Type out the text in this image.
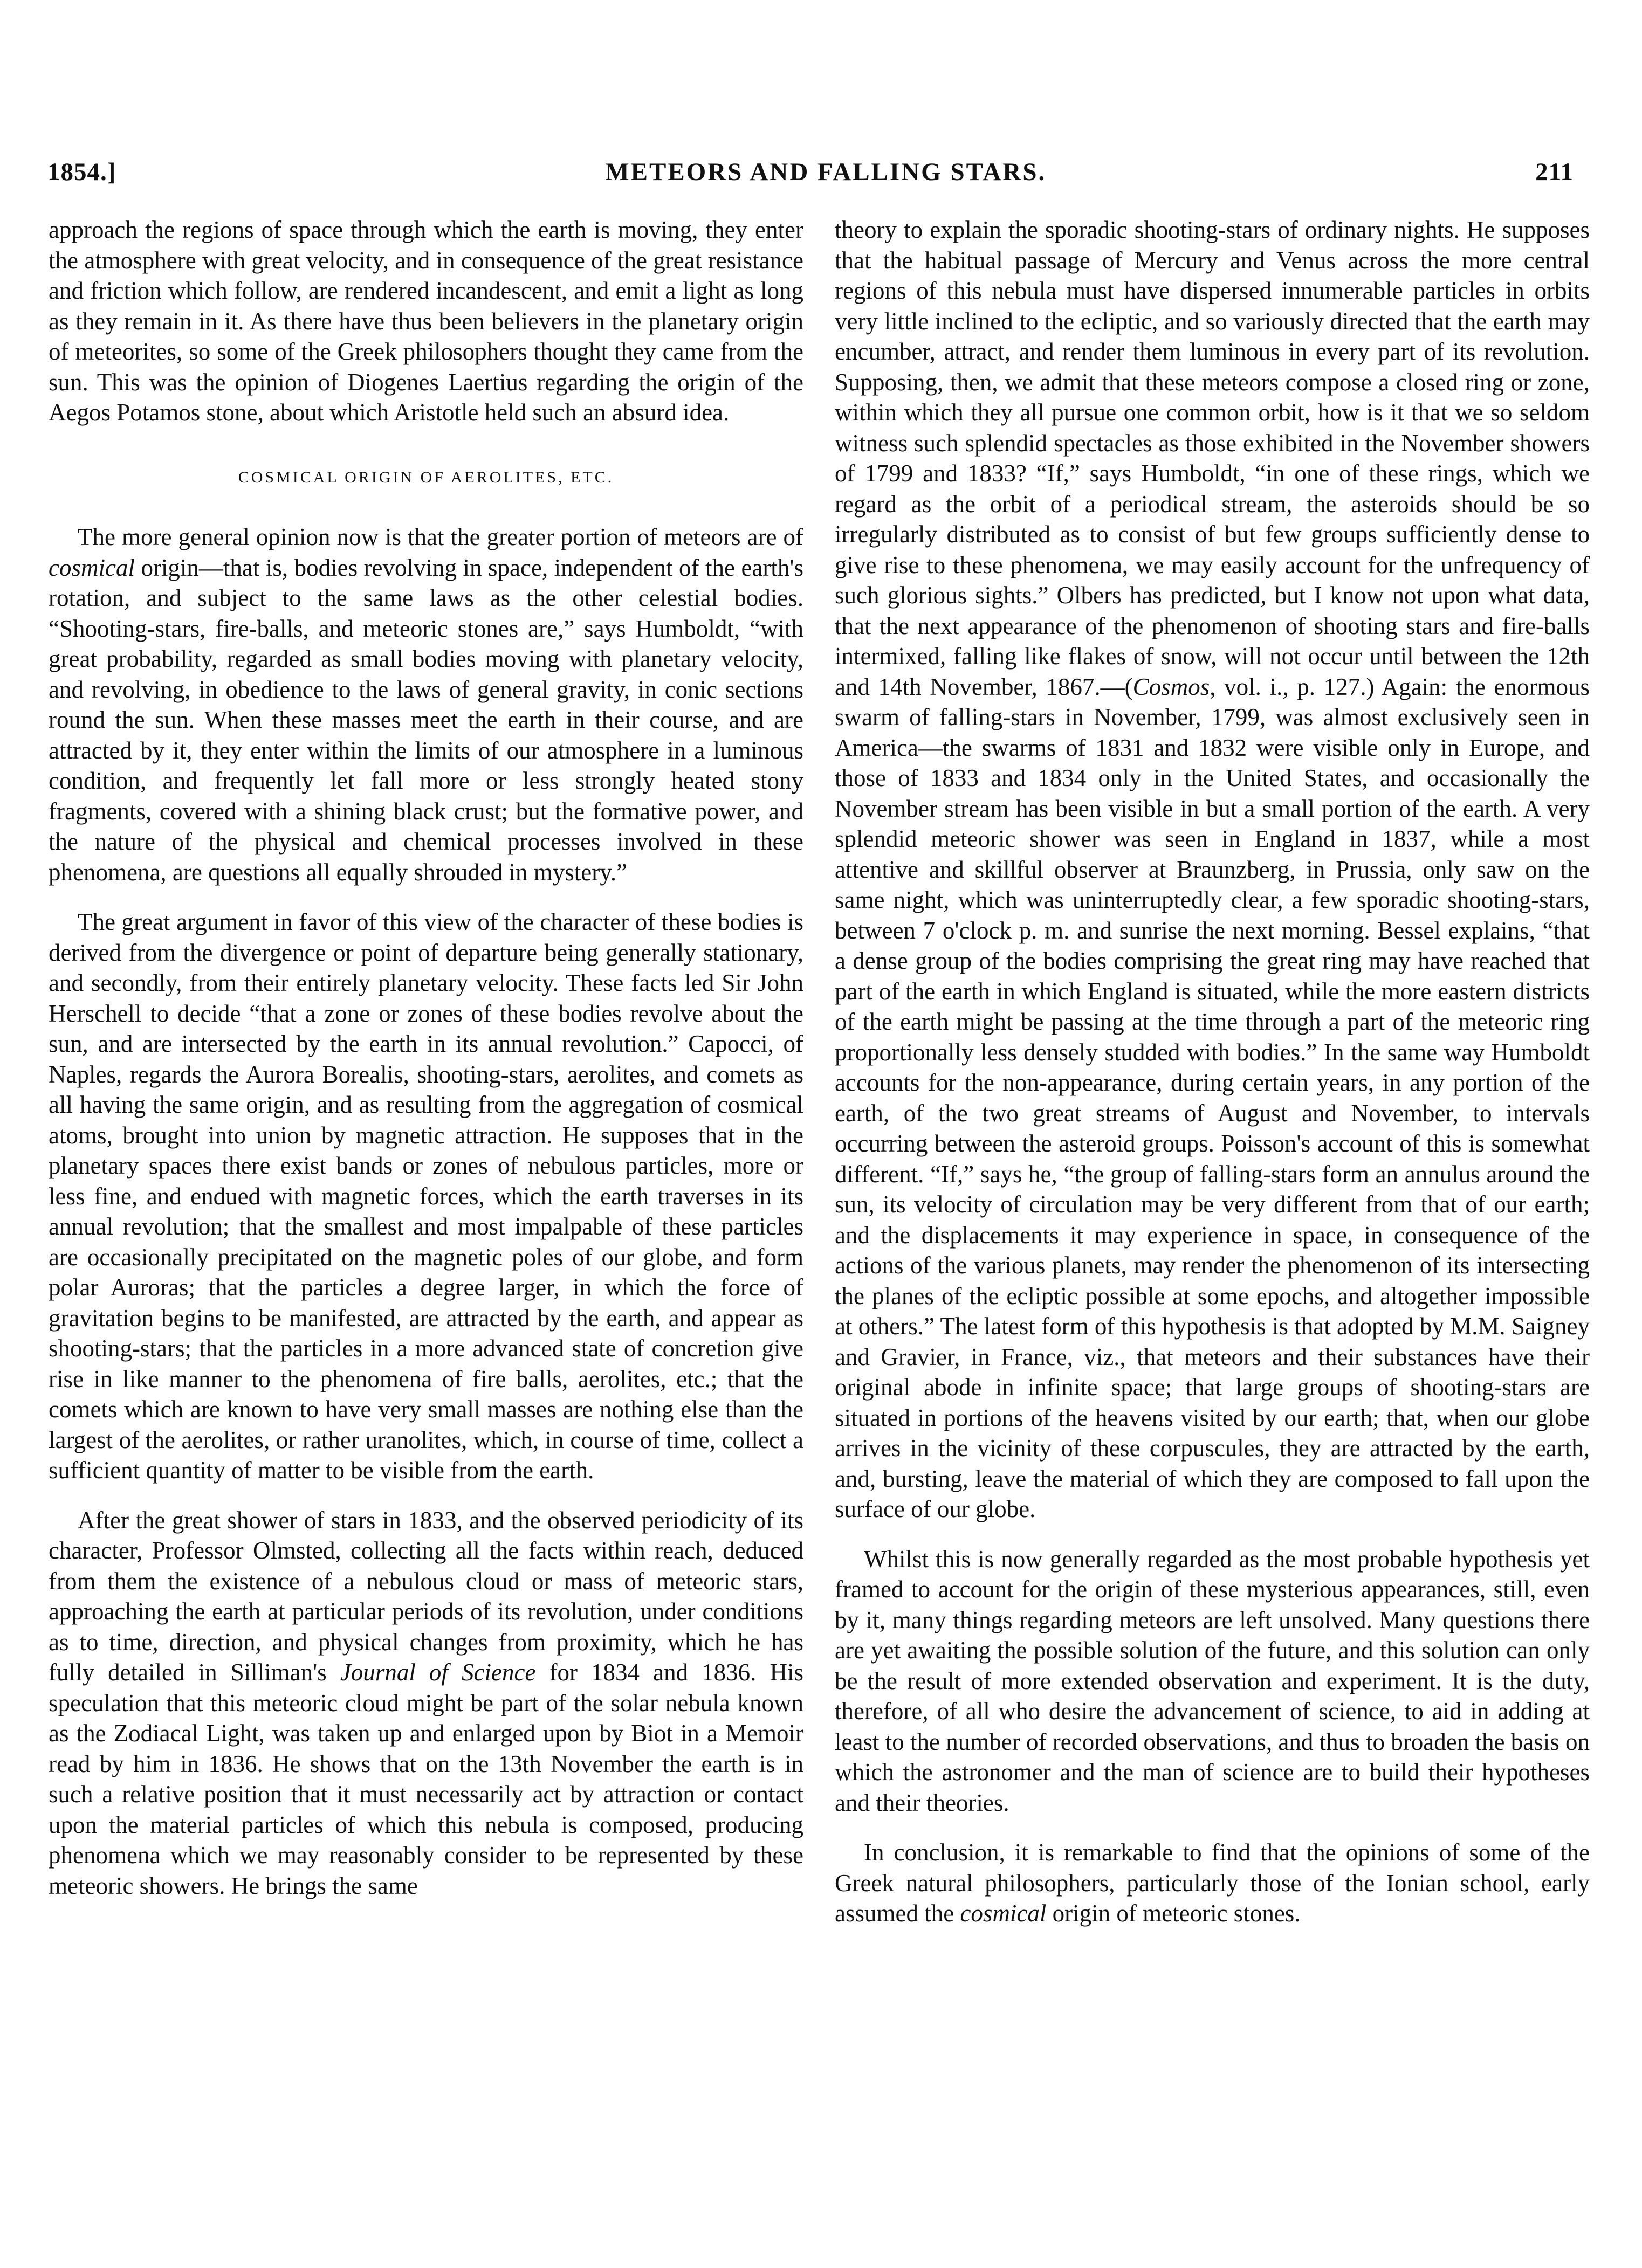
1854.]	METEORS AND FALLING STARS.	211

approach the regions of space through which the earth is moving, they enter the atmosphere with great velocity, and in consequence of the great resistance and friction which follow, are rendered incandescent, and emit a light as long as they remain in it. As there have thus been believers in the planetary origin of meteorites, so some of the Greek philosophers thought they came from the sun. This was the opinion of Diogenes Laertius regarding the origin of the Aegos Potamos stone, about which Aristotle held such an absurd idea.

COSMICAL ORIGIN OF AEROLITES, ETC.

The more general opinion now is that the greater portion of meteors are of cosmical origin—that is, bodies revolving in space, independent of the earth's rotation, and subject to the same laws as the other celestial bodies. “Shooting-stars, fire-balls, and meteoric stones are,” says Humboldt, “with great probability, regarded as small bodies moving with planetary velocity, and revolving, in obedience to the laws of general gravity, in conic sections round the sun. When these masses meet the earth in their course, and are attracted by it, they enter within the limits of our atmosphere in a luminous condition, and frequently let fall more or less strongly heated stony fragments, covered with a shining black crust; but the formative power, and the nature of the physical and chemical processes involved in these phenomena, are questions all equally shrouded in mystery.”

The great argument in favor of this view of the character of these bodies is derived from the divergence or point of departure being generally stationary, and secondly, from their entirely planetary velocity. These facts led Sir John Herschell to decide “that a zone or zones of these bodies revolve about the sun, and are intersected by the earth in its annual revolution.” Capocci, of Naples, regards the Aurora Borealis, shooting-stars, aerolites, and comets as all having the same origin, and as resulting from the aggregation of cosmical atoms, brought into union by magnetic attraction. He supposes that in the planetary spaces there exist bands or zones of nebulous particles, more or less fine, and endued with magnetic forces, which the earth traverses in its annual revolution; that the smallest and most impalpable of these particles are occasionally precipitated on the magnetic poles of our globe, and form polar Auroras; that the particles a degree larger, in which the force of gravitation begins to be manifested, are attracted by the earth, and appear as shooting-stars; that the particles in a more advanced state of concretion give rise in like manner to the phenomena of fire balls, aerolites, etc.; that the comets which are known to have very small masses are nothing else than the largest of the aerolites, or rather uranolites, which, in course of time, collect a sufficient quantity of matter to be visible from the earth.

After the great shower of stars in 1833, and the observed periodicity of its character, Professor Olmsted, collecting all the facts within reach, deduced from them the existence of a nebulous cloud or mass of meteoric stars, approaching the earth at particular periods of its revolution, under conditions as to time, direction, and physical changes from proximity, which he has fully detailed in Silliman's Journal of Science for 1834 and 1836. His speculation that this meteoric cloud might be part of the solar nebula known as the Zodiacal Light, was taken up and enlarged upon by Biot in a Memoir read by him in 1836. He shows that on the 13th November the earth is in such a relative position that it must necessarily act by attraction or contact upon the material particles of which this nebula is composed, producing phenomena which we may reasonably consider to be represented by these meteoric showers. He brings the same

theory to explain the sporadic shooting-stars of ordinary nights. He supposes that the habitual passage of Mercury and Venus across the more central regions of this nebula must have dispersed innumerable particles in orbits very little inclined to the ecliptic, and so variously directed that the earth may encumber, attract, and render them luminous in every part of its revolution. Supposing, then, we admit that these meteors compose a closed ring or zone, within which they all pursue one common orbit, how is it that we so seldom witness such splendid spectacles as those exhibited in the November showers of 1799 and 1833? “If,” says Humboldt, “in one of these rings, which we regard as the orbit of a periodical stream, the asteroids should be so irregularly distributed as to consist of but few groups sufficiently dense to give rise to these phenomena, we may easily account for the unfrequency of such glorious sights.” Olbers has predicted, but I know not upon what data, that the next appearance of the phenomenon of shooting stars and fire-balls intermixed, falling like flakes of snow, will not occur until between the 12th and 14th November, 1867.—(Cosmos, vol. i., p. 127.) Again: the enormous swarm of falling-stars in November, 1799, was almost exclusively seen in America—the swarms of 1831 and 1832 were visible only in Europe, and those of 1833 and 1834 only in the United States, and occasionally the November stream has been visible in but a small portion of the earth. A very splendid meteoric shower was seen in England in 1837, while a most attentive and skillful observer at Braunzberg, in Prussia, only saw on the same night, which was uninterruptedly clear, a few sporadic shooting-stars, between 7 o'clock p. m. and sunrise the next morning. Bessel explains, “that a dense group of the bodies comprising the great ring may have reached that part of the earth in which England is situated, while the more eastern districts of the earth might be passing at the time through a part of the meteoric ring proportionally less densely studded with bodies.” In the same way Humboldt accounts for the non-appearance, during certain years, in any portion of the earth, of the two great streams of August and November, to intervals occurring between the asteroid groups. Poisson's account of this is somewhat different. “If,” says he, “the group of falling-stars form an annulus around the sun, its velocity of circulation may be very different from that of our earth; and the displacements it may experience in space, in consequence of the actions of the various planets, may render the phenomenon of its intersecting the planes of the ecliptic possible at some epochs, and altogether impossible at others.” The latest form of this hypothesis is that adopted by M.M. Saigney and Gravier, in France, viz., that meteors and their substances have their original abode in infinite space; that large groups of shooting-stars are situated in portions of the heavens visited by our earth; that, when our globe arrives in the vicinity of these corpuscules, they are attracted by the earth, and, bursting, leave the material of which they are composed to fall upon the surface of our globe.

Whilst this is now generally regarded as the most probable hypothesis yet framed to account for the origin of these mysterious appearances, still, even by it, many things regarding meteors are left unsolved. Many questions there are yet awaiting the possible solution of the future, and this solution can only be the result of more extended observation and experiment. It is the duty, therefore, of all who desire the advancement of science, to aid in adding at least to the number of recorded observations, and thus to broaden the basis on which the astronomer and the man of science are to build their hypotheses and their theories.

In conclusion, it is remarkable to find that the opinions of some of the Greek natural philosophers, particularly those of the Ionian school, early assumed the cosmical origin of meteoric stones.
